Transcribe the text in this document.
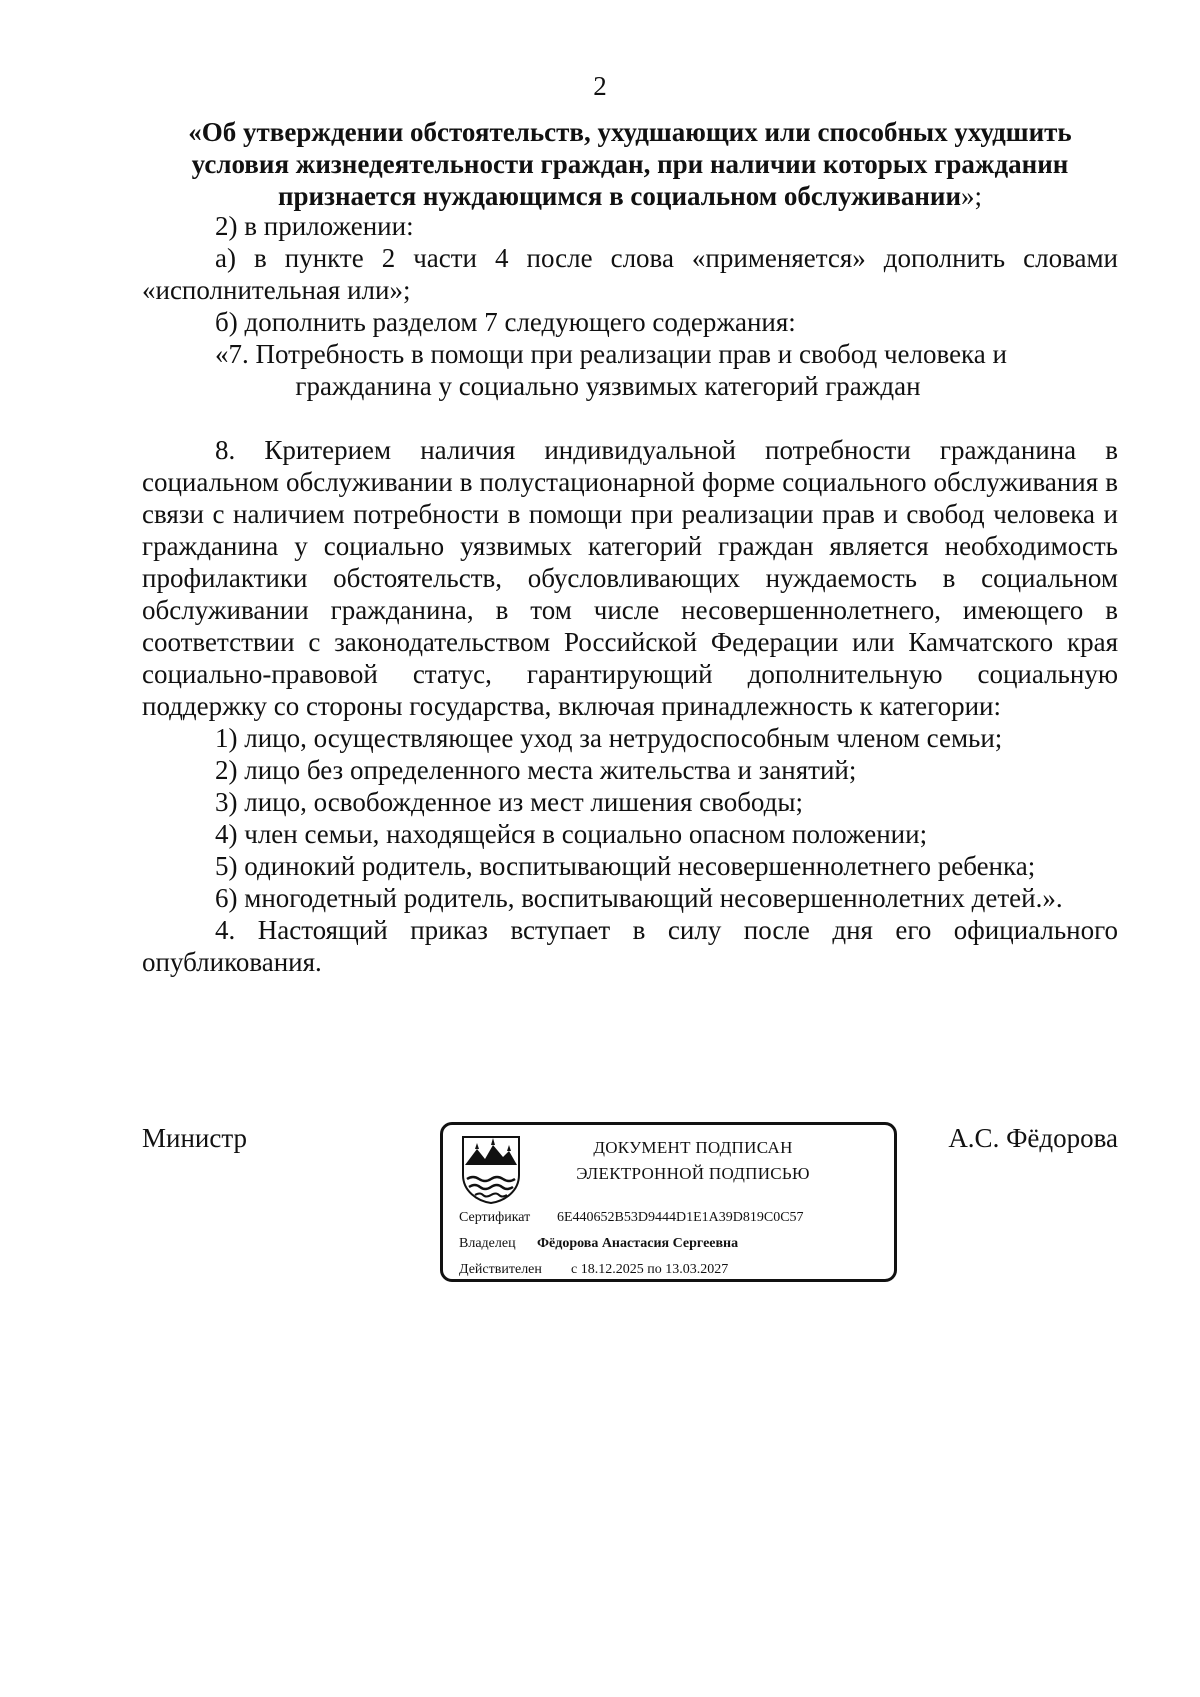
2
«Об утверждении обстоятельств, ухудшающих или способных ухудшить
условия жизнедеятельности граждан, при наличии которых гражданин
признается нуждающимся в социальном обслуживании»;

2) в приложении:

а) в пункте 2 части 4 после слова «применяется» дополнить словами «исполнительная или»;

б) дополнить разделом 7 следующего содержания:

«7. Потребность в помощи при реализации прав и свобод человека и

гражданина у социально уязвимых категорий граждан

8. Критерием наличия индивидуальной потребности гражданина в социальном обслуживании в полустационарной форме социального обслуживания в связи с наличием потребности в помощи при реализации прав и свобод человека и гражданина у социально уязвимых категорий граждан является необходимость профилактики обстоятельств, обусловливающих нуждаемость в социальном обслуживании гражданина, в том числе несовершеннолетнего, имеющего в соответствии с законодательством Российской Федерации или Камчатского края социально-правовой статус, гарантирующий дополнительную социальную поддержку со стороны государства, включая принадлежность к категории:

1) лицо, осуществляющее уход за нетрудоспособным членом семьи;

2) лицо без определенного места жительства и занятий;

3) лицо, освобожденное из мест лишения свободы;

4) член семьи, находящейся в социально опасном положении;

5) одинокий родитель, воспитывающий несовершеннолетнего ребенка;

6) многодетный родитель, воспитывающий несовершеннолетних детей.».

4. Настоящий приказ вступает в силу после дня его официального опубликования.

Министр	А.С. Фёдорова
ДОКУМЕНТ ПОДПИСАН
ЭЛЕКТРОННОЙ ПОДПИСЬЮ
Сертификат 6E440652B53D9444D1E1A39D819C0C57
Владелец Фёдорова Анастасия Сергеевна
Действителен с 18.12.2025 по 13.03.2027
